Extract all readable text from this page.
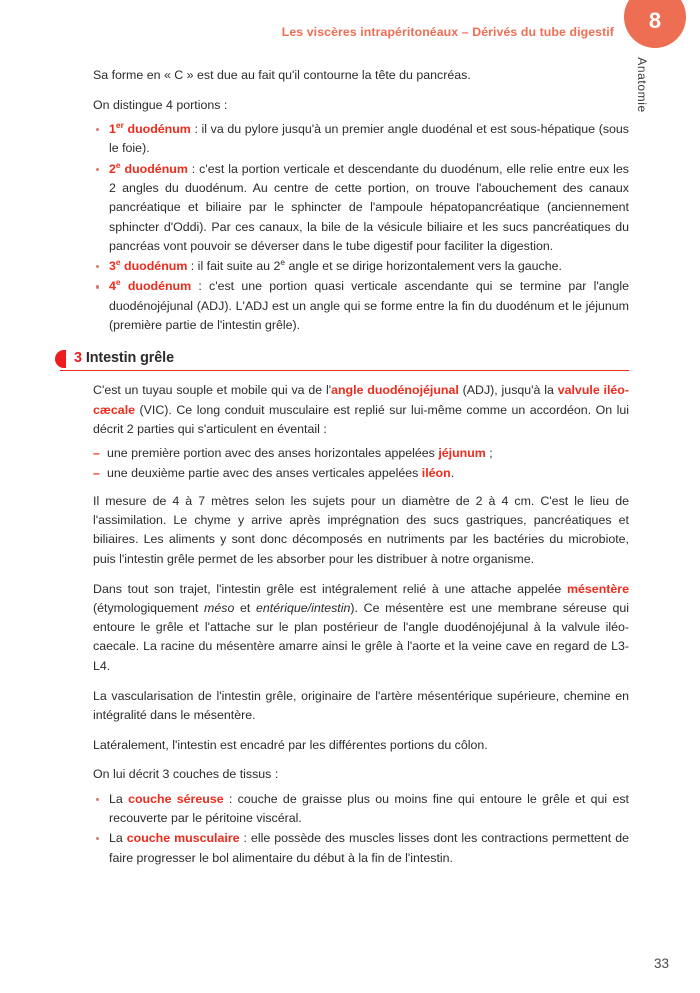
Les viscères intrapéritonéaux – Dérivés du tube digestif 8
Anatomie

Sa forme en « C » est due au fait qu'il contourne la tête du pancréas.

On distingue 4 portions :

1er duodénum : il va du pylore jusqu'à un premier angle duodénal et est sous-hépatique (sous le foie).
2e duodénum : c'est la portion verticale et descendante du duodénum, elle relie entre eux les 2 angles du duodénum. Au centre de cette portion, on trouve l'abouchement des canaux pancréatique et biliaire par le sphincter de l'ampoule hépatopancréatique (anciennement sphincter d'Oddi). Par ces canaux, la bile de la vésicule biliaire et les sucs pancréatiques du pancréas vont pouvoir se déverser dans le tube digestif pour faciliter la digestion.
3e duodénum : il fait suite au 2e angle et se dirige horizontalement vers la gauche.
4e duodénum : c'est une portion quasi verticale ascendante qui se termine par l'angle duodénojéjunal (ADJ). L'ADJ est un angle qui se forme entre la fin du duodénum et le jéjunum (première partie de l'intestin grêle).
3 Intestin grêle

C'est un tuyau souple et mobile qui va de l'angle duodénojéjunal (ADJ), jusqu'à la valvule iléo-cæcale (VIC). Ce long conduit musculaire est replié sur lui-même comme un accordéon. On lui décrit 2 parties qui s'articulent en éventail :

– une première portion avec des anses horizontales appelées jéjunum ;
– une deuxième partie avec des anses verticales appelées iléon.

Il mesure de 4 à 7 mètres selon les sujets pour un diamètre de 2 à 4 cm. C'est le lieu de l'assimilation. Le chyme y arrive après imprégnation des sucs gastriques, pancréatiques et biliaires. Les aliments y sont donc décomposés en nutriments par les bactéries du microbiote, puis l'intestin grêle permet de les absorber pour les distribuer à notre organisme.

Dans tout son trajet, l'intestin grêle est intégralement relié à une attache appelée mésentère (étymologiquement méso et entérique/intestin). Ce mésentère est une membrane séreuse qui entoure le grêle et l'attache sur le plan postérieur de l'angle duodénojéjunal à la valvule iléo-caecale. La racine du mésentère amarre ainsi le grêle à l'aorte et la veine cave en regard de L3-L4.

La vascularisation de l'intestin grêle, originaire de l'artère mésentérique supérieure, chemine en intégralité dans le mésentère.

Latéralement, l'intestin est encadré par les différentes portions du côlon.

On lui décrit 3 couches de tissus :

La couche séreuse : couche de graisse plus ou moins fine qui entoure le grêle et qui est recouverte par le péritoine viscéral.
La couche musculaire : elle possède des muscles lisses dont les contractions permettent de faire progresser le bol alimentaire du début à la fin de l'intestin.
33
